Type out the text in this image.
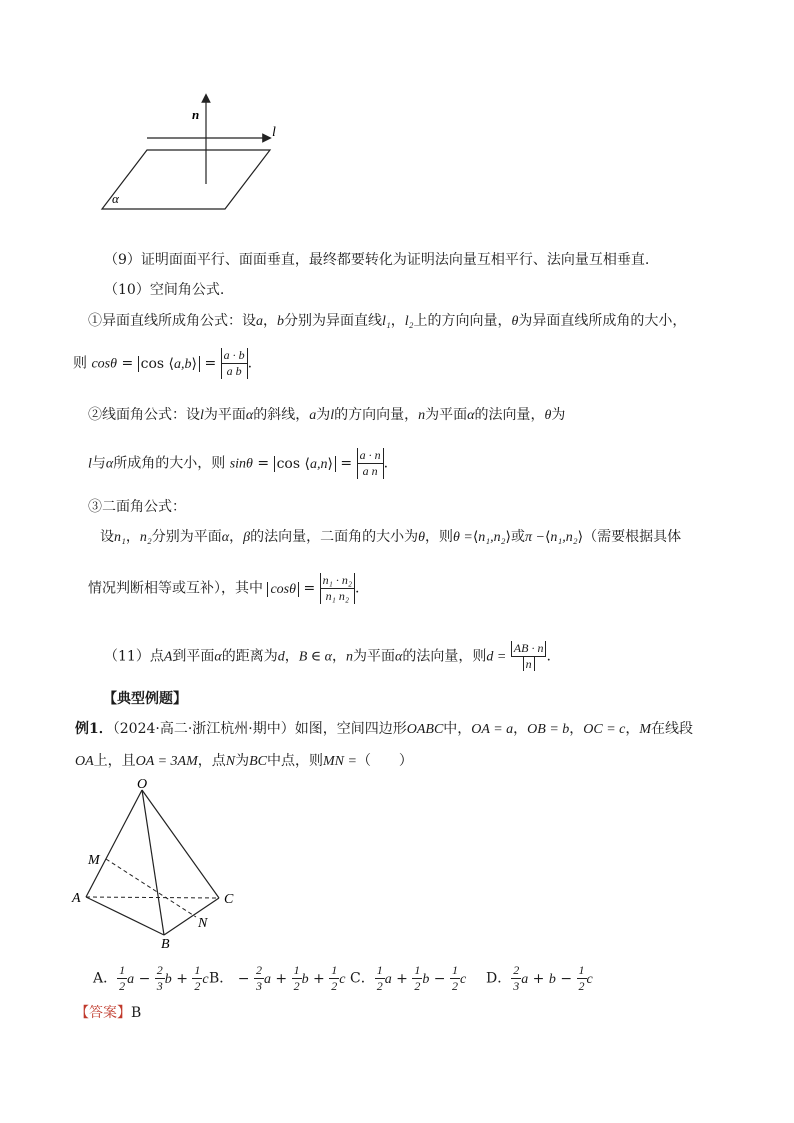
n
l
α
（9）证明面面平行、面面垂直，最终都要转化为证明法向量互相平行、法向量互相垂直.
（10）空间角公式.
①异面直线所成角公式：设a，b分别为异面直线l₁，l₂上的方向向量，θ为异面直线所成角的大小，
则 cosθ = cos ⟨a,b⟩ = $\frac{a \cdot b}{\text{a b}}$ .
②线面角公式：设l为平面α的斜线，a为l的方向向量，n为平面α的法向量，θ为
l与α所成角的大小，则 sinθ = cos ⟨a,n⟩ = $\frac{a \cdot n}{\text{a n}}$ .
③二面角公式：
设n₁，n₂分别为平面α，β的法向量，二面角的大小为θ，则θ =⟨n₁,n₂⟩或π −⟨n₁,n₂⟩（需要根据具体
情况判断相等或互补），其中 $\cos\theta = \frac{\text{n₁ · n₂}}{\text{n₁ n₂}}$ .
（11）点A到平面α的距离为d，B ∈ α，n为平面α的法向量，则$d = \frac{AB \cdot n}{n}$ .
【典型例题】
例1．（2024·高二·浙江杭州·期中）如图，空间四边形OABC中，OA = a，OB = b，OC = c，M在线段
OA上，且OA = 3AM，点N为BC中点，则MN =（　　）
O
M
A	C
N
B
A． $\frac{1}{2}$ $a - \frac{2}{3}$ $b + \frac{1}{2}$ c B． − $\frac{2}{3}$ $a + \frac{1}{2}$ $b + \frac{1}{2}$ c C． $\frac{1}{2}$ $a + \frac{1}{2}$ $b - \frac{1}{2}$ c D． $\frac{2}{3}$ $a + b - \frac{1}{2}$ c
【答案】B
